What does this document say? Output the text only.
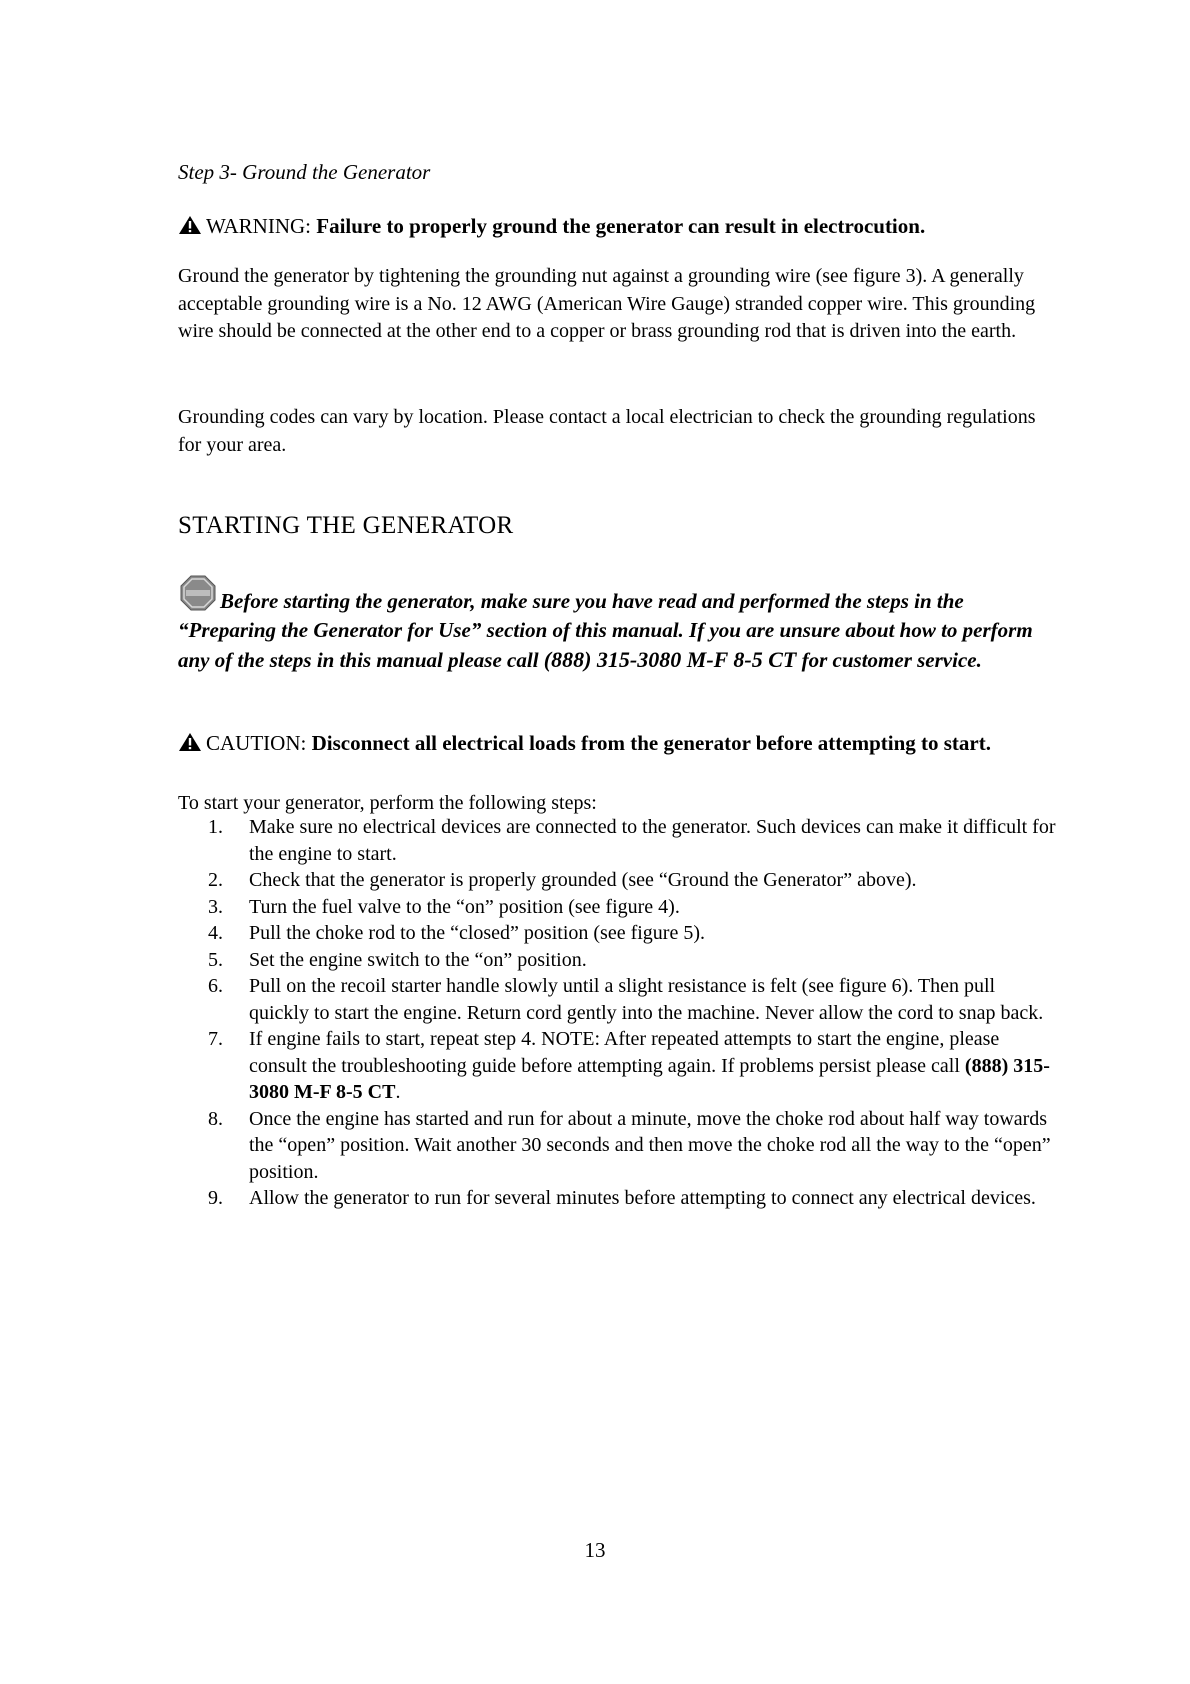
Step 3- Ground the Generator
WARNING: Failure to properly ground the generator can result in electrocution.
Ground the generator by tightening the grounding nut against a grounding wire (see figure 3). A generally acceptable grounding wire is a No. 12 AWG (American Wire Gauge) stranded copper wire. This grounding wire should be connected at the other end to a copper or brass grounding rod that is driven into the earth.
Grounding codes can vary by location. Please contact a local electrician to check the grounding regulations for your area.
STARTING THE GENERATOR
Before starting the generator, make sure you have read and performed the steps in the “Preparing the Generator for Use” section of this manual. If you are unsure about how to perform any of the steps in this manual please call (888) 315-3080 M-F 8-5 CT for customer service.
CAUTION: Disconnect all electrical loads from the generator before attempting to start.
To start your generator, perform the following steps:
1. Make sure no electrical devices are connected to the generator. Such devices can make it difficult for the engine to start.
2. Check that the generator is properly grounded (see “Ground the Generator” above).
3. Turn the fuel valve to the “on” position (see figure 4).
4. Pull the choke rod to the “closed” position (see figure 5).
5. Set the engine switch to the “on” position.
6. Pull on the recoil starter handle slowly until a slight resistance is felt (see figure 6). Then pull quickly to start the engine. Return cord gently into the machine. Never allow the cord to snap back.
7. If engine fails to start, repeat step 4. NOTE: After repeated attempts to start the engine, please consult the troubleshooting guide before attempting again. If problems persist please call (888) 315-3080 M-F 8-5 CT.
8. Once the engine has started and run for about a minute, move the choke rod about half way towards the “open” position. Wait another 30 seconds and then move the choke rod all the way to the “open” position.
9. Allow the generator to run for several minutes before attempting to connect any electrical devices.
13
